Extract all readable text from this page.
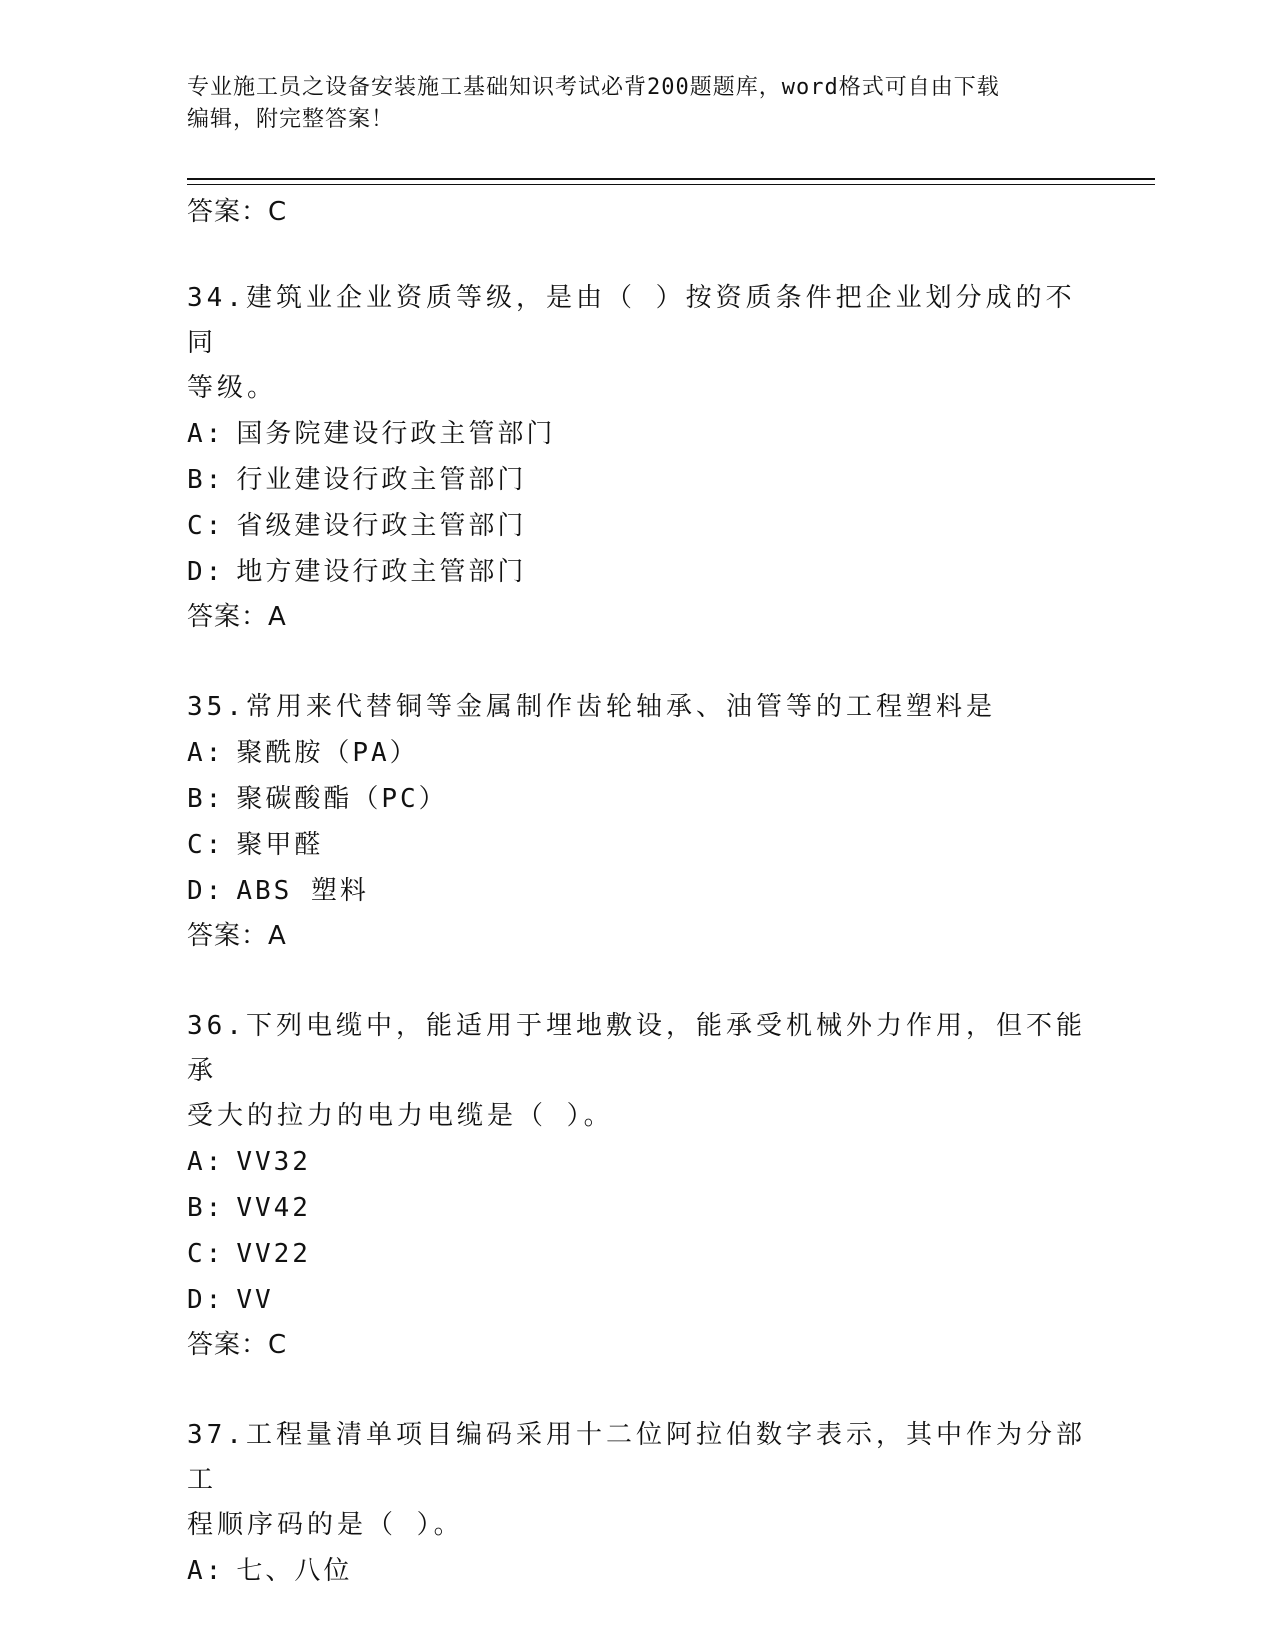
专业施工员之设备安装施工基础知识考试必背200题题库，word格式可自由下载
编辑，附完整答案！
答案：C
34.建筑业企业资质等级，是由（ ）按资质条件把企业划分成的不同
等级。
A: 国务院建设行政主管部门
B: 行业建设行政主管部门
C: 省级建设行政主管部门
D: 地方建设行政主管部门
答案：A
35.常用来代替铜等金属制作齿轮轴承、油管等的工程塑料是
A: 聚酰胺（PA）
B: 聚碳酸酯（PC）
C: 聚甲醛
D: ABS 塑料
答案：A
36.下列电缆中，能适用于埋地敷设，能承受机械外力作用，但不能承
受大的拉力的电力电缆是（ ）。
A: VV32
B: VV42
C: VV22
D: VV
答案：C
37.工程量清单项目编码采用十二位阿拉伯数字表示，其中作为分部工
程顺序码的是（ ）。
A: 七、八位
